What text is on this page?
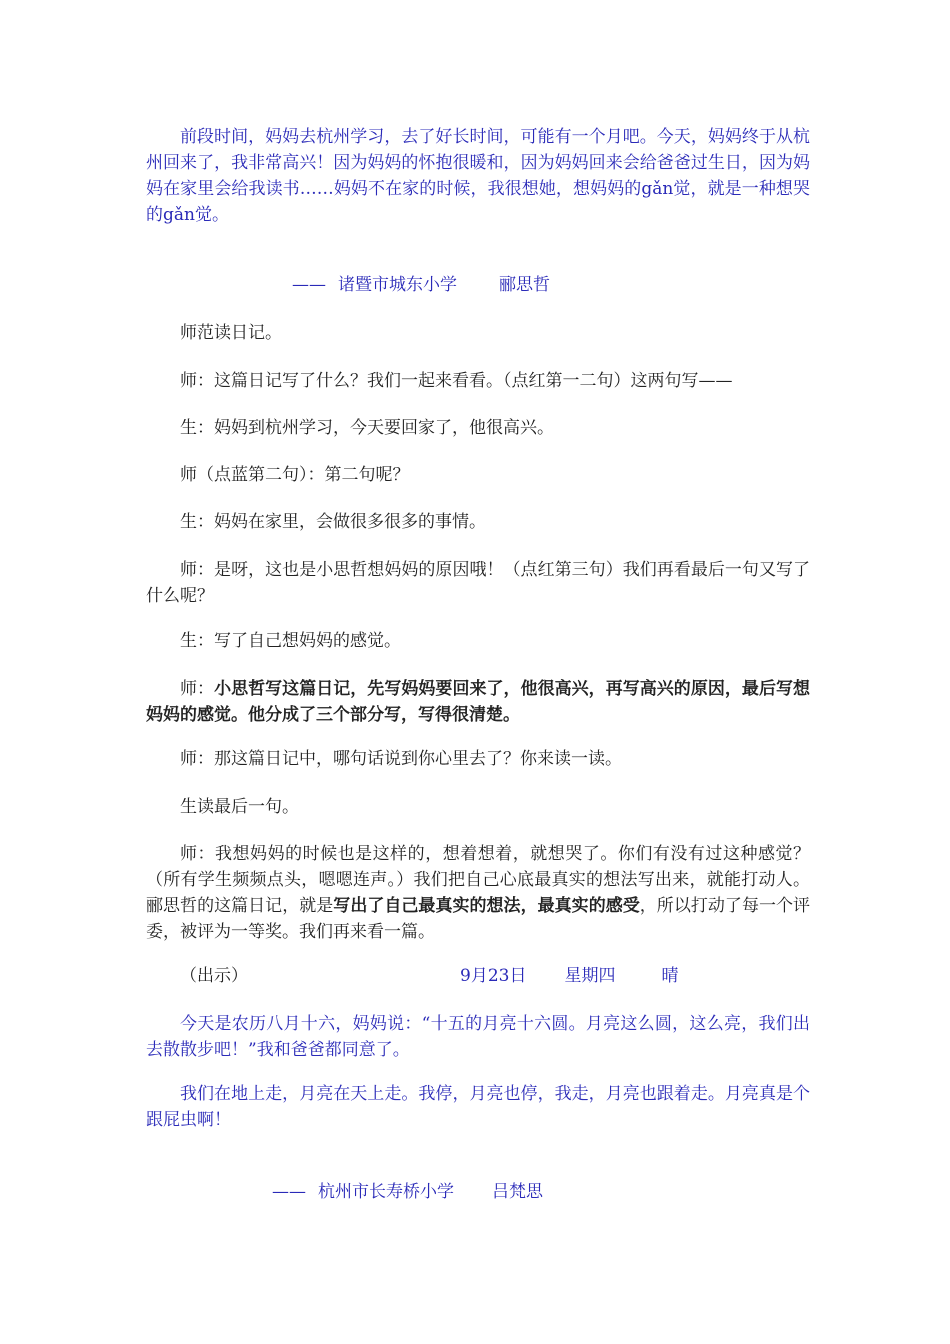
前段时间，妈妈去杭州学习，去了好长时间，可能有一个月吧。今天，妈妈终于从杭州回来了，我非常高兴！因为妈妈的怀抱很暖和，因为妈妈回来会给爸爸过生日，因为妈妈在家里会给我读书……妈妈不在家的时候，我很想她，想妈妈的gǎn觉，就是一种想哭的gǎn觉。

—— 诸暨市城东小学 郦思哲

师范读日记。

师：这篇日记写了什么？我们一起来看看。（点红第一二句）这两句写——

生：妈妈到杭州学习，今天要回家了，他很高兴。

师（点蓝第二句）：第二句呢？

生：妈妈在家里，会做很多很多的事情。

师：是呀，这也是小思哲想妈妈的原因哦！（点红第三句）我们再看最后一句又写了什么呢？

生：写了自己想妈妈的感觉。

师：小思哲写这篇日记，先写妈妈要回来了，他很高兴，再写高兴的原因，最后写想妈妈的感觉。他分成了三个部分写，写得很清楚。

师：那这篇日记中，哪句话说到你心里去了？你来读一读。

生读最后一句。

师：我想妈妈的时候也是这样的，想着想着，就想哭了。你们有没有过这种感觉？（所有学生频频点头，嗯嗯连声。）我们把自己心底最真实的想法写出来，就能打动人。郦思哲的这篇日记，就是写出了自己最真实的想法，最真实的感受，所以打动了每一个评委，被评为一等奖。我们再来看一篇。

（出示）	9月23日 星期四	晴

今天是农历八月十六，妈妈说：“十五的月亮十六圆。月亮这么圆，这么亮，我们出去散散步吧！”我和爸爸都同意了。

我们在地上走，月亮在天上走。我停，月亮也停，我走，月亮也跟着走。月亮真是个跟屁虫啊！

—— 杭州市长寿桥小学 吕梵思
